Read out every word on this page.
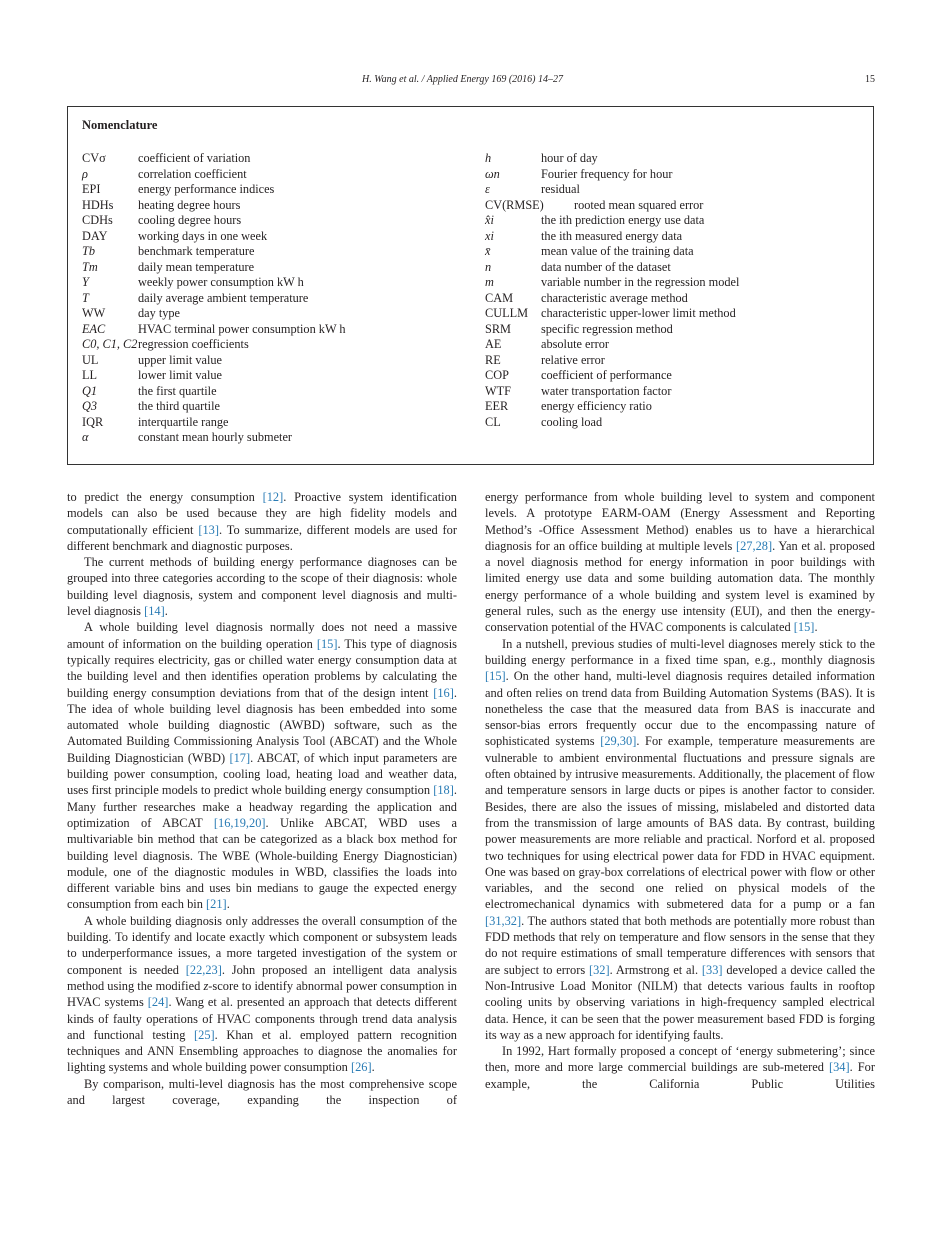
H. Wang et al. / Applied Energy 169 (2016) 14–27	15
Nomenclature
CVσ	coefficient of variation
ρ	correlation coefficient
EPI	energy performance indices
HDHs heating degree hours
CDHs cooling degree hours
DAY working days in one week
Tb	benchmark temperature
Tm	daily mean temperature
Y	weekly power consumption kW h
T	daily average ambient temperature
WW	day type
EAC	HVAC terminal power consumption kW h
C0, C1, C2 regression coefficients
UL	upper limit value
LL	lower limit value
Q1	the first quartile
Q3	the third quartile
IQR	interquartile range
α	constant mean hourly submeter
h	hour of day
ωn	Fourier frequency for hour
ε	residual
CV(RMSE) rooted mean squared error
x̂i	the ith prediction energy use data
xi	the ith measured energy data
x̄	mean value of the training data
n	data number of the dataset
m	variable number in the regression model
CAM characteristic average method
CULLM characteristic upper-lower limit method
SRM specific regression method
AE	absolute error
RE	relative error
COP	coefficient of performance
WTF water transportation factor
EER	energy efficiency ratio
CL	cooling load

to predict the energy consumption [12]. Proactive system identification models can also be used because they are high fidelity models and computationally efficient [13]. To summarize, different models are used for different benchmark and diagnostic purposes.

The current methods of building energy performance diagnoses can be grouped into three categories according to the scope of their diagnosis: whole building level diagnosis, system and component level diagnosis and multi-level diagnosis [14].

A whole building level diagnosis normally does not need a massive amount of information on the building operation [15]. This type of diagnosis typically requires electricity, gas or chilled water energy consumption data at the building level and then identifies operation problems by calculating the building energy consumption deviations from that of the design intent [16]. The idea of whole building level diagnosis has been embedded into some automated whole building diagnostic (AWBD) software, such as the Automated Building Commissioning Analysis Tool (ABCAT) and the Whole Building Diagnostician (WBD) [17]. ABCAT, of which input parameters are building power consumption, cooling load, heating load and weather data, uses first principle models to predict whole building energy consumption [18]. Many further researches make a headway regarding the application and optimization of ABCAT [16,19,20]. Unlike ABCAT, WBD uses a multivariable bin method that can be categorized as a black box method for building level diagnosis. The WBE (Whole-building Energy Diagnostician) module, one of the diagnostic modules in WBD, classifies the loads into different variable bins and uses bin medians to gauge the expected energy consumption from each bin [21].

A whole building diagnosis only addresses the overall consumption of the building. To identify and locate exactly which component or subsystem leads to underperformance issues, a more targeted investigation of the system or component is needed [22,23]. John proposed an intelligent data analysis method using the modified z-score to identify abnormal power consumption in HVAC systems [24]. Wang et al. presented an approach that detects different kinds of faulty operations of HVAC components through trend data analysis and functional testing [25]. Khan et al. employed pattern recognition techniques and ANN Ensembling approaches to diagnose the anomalies for lighting systems and whole building power consumption [26].

By comparison, multi-level diagnosis has the most comprehensive scope and largest coverage, expanding the inspection of

energy performance from whole building level to system and component levels. A prototype EARM-OAM (Energy Assessment and Reporting Method’s -Office Assessment Method) enables us to have a hierarchical diagnosis for an office building at multiple levels [27,28]. Yan et al. proposed a novel diagnosis method for energy information in poor buildings with limited energy use data and some building automation data. The monthly energy performance of a whole building and system level is examined by general rules, such as the energy use intensity (EUI), and then the energy-conservation potential of the HVAC components is calculated [15].

In a nutshell, previous studies of multi-level diagnoses merely stick to the building energy performance in a fixed time span, e.g., monthly diagnosis [15]. On the other hand, multi-level diagnosis requires detailed information and often relies on trend data from Building Automation Systems (BAS). It is nonetheless the case that the measured data from BAS is inaccurate and sensor-bias errors frequently occur due to the encompassing nature of sophisticated systems [29,30]. For example, temperature measurements are vulnerable to ambient environmental fluctuations and pressure signals are often obtained by intrusive measurements. Additionally, the placement of flow and temperature sensors in large ducts or pipes is another factor to consider. Besides, there are also the issues of missing, mislabeled and distorted data from the transmission of large amounts of BAS data. By contrast, building power measurements are more reliable and practical. Norford et al. proposed two techniques for using electrical power data for FDD in HVAC equipment. One was based on gray-box correlations of electrical power with flow or other variables, and the second one relied on physical models of the electromechanical dynamics with submetered data for a pump or a fan [31,32]. The authors stated that both methods are potentially more robust than FDD methods that rely on temperature and flow sensors in the sense that they do not require estimations of small temperature differences with sensors that are subject to errors [32]. Armstrong et al. [33] developed a device called the Non-Intrusive Load Monitor (NILM) that detects various faults in rooftop cooling units by observing variations in high-frequency sampled electrical data. Hence, it can be seen that the power measurement based FDD is forging its way as a new approach for identifying faults.

In 1992, Hart formally proposed a concept of ‘energy submetering’; since then, more and more large commercial buildings are sub-metered [34]. For example, the California Public Utilities
